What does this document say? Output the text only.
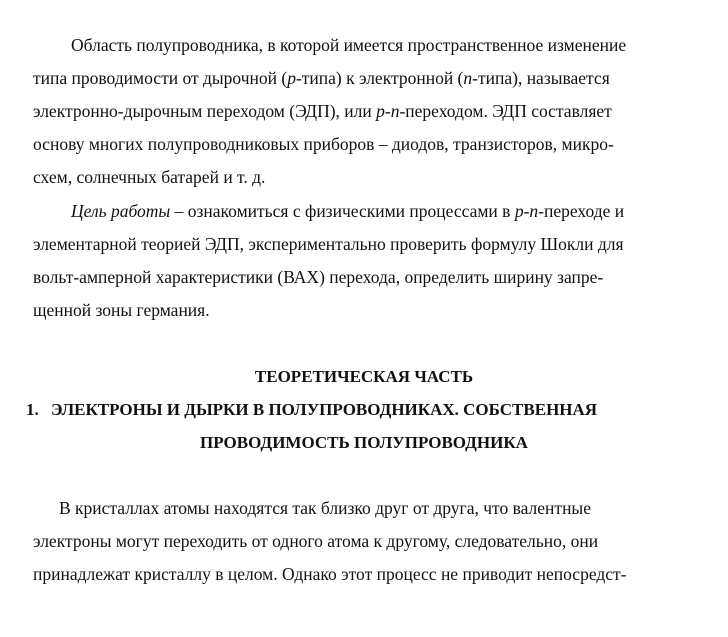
Область полупроводника, в которой имеется пространственное изменение
типа проводимости от дырочной (p-типа) к электронной (n-типа), называется
электронно-дырочным переходом (ЭДП), или p-n-переходом. ЭДП составляет
основу многих полупроводниковых приборов – диодов, транзисторов, микро-
схем, солнечных батарей и т. д.
Цель работы – ознакомиться с физическими процессами в p-n-переходе и
элементарной теорией ЭДП, экспериментально проверить формулу Шокли для
вольт-амперной характеристики (ВАХ) перехода, определить ширину запре-
щенной зоны германия.
ТЕОРЕТИЧЕСКАЯ ЧАСТЬ
1. ЭЛЕКТРОНЫ И ДЫРКИ В ПОЛУПРОВОДНИКАХ. СОБСТВЕННАЯ
ПРОВОДИМОСТЬ ПОЛУПРОВОДНИКА
В кристаллах атомы находятся так близко друг от друга, что валентные
электроны могут переходить от одного атома к другому, следовательно, они
принадлежат кристаллу в целом. Однако этот процесс не приводит непосредст-
